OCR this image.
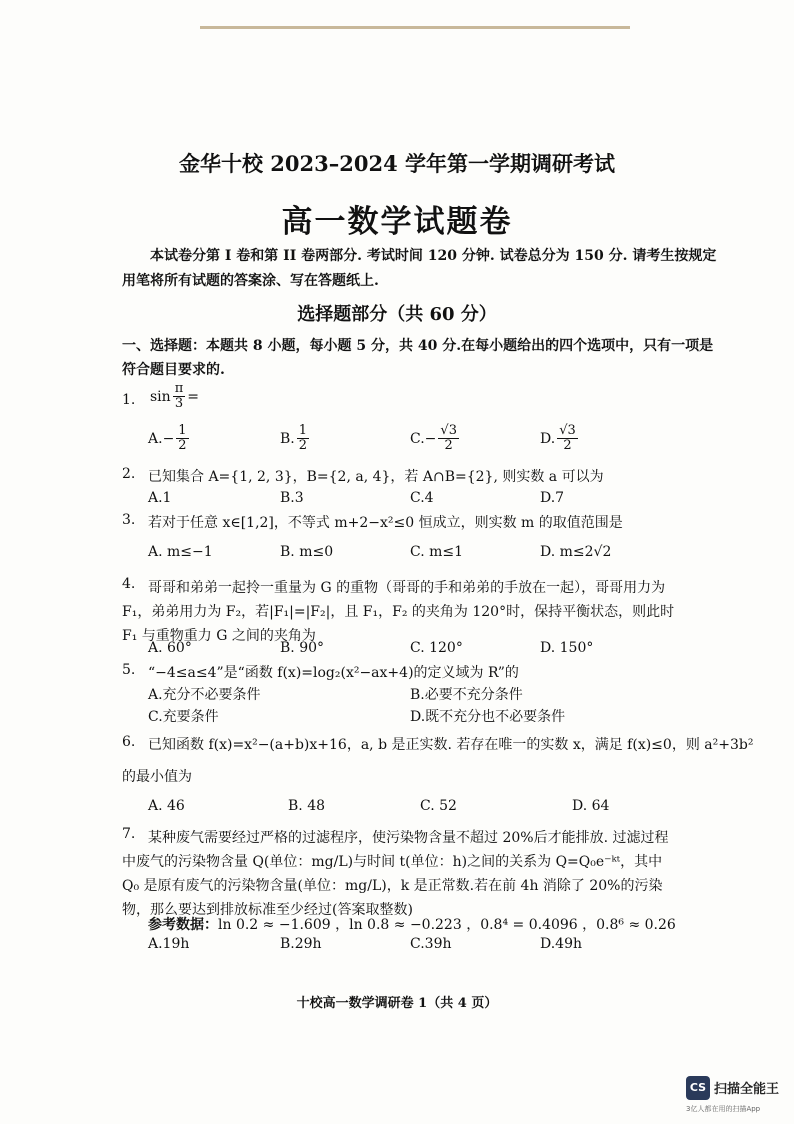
金华十校 2023–2024 学年第一学期调研考试
高一数学试题卷
本试卷分第 I 卷和第 II 卷两部分. 考试时间 120 分钟. 试卷总分为 150 分. 请考生按规定用笔将所有试题的答案涂、写在答题纸上.
选择题部分（共 60 分）
一、选择题：本题共 8 小题，每小题 5 分，共 40 分.在每小题给出的四个选项中，只有一项是符合题目要求的.
1. $\sin \frac{\pi}{3}$ =
$A.- \frac{1}{2}$	B. $\frac{1}{2}$	$C.- \frac{√3}{2}$	D. $\frac{√3}{2}$
2. 已知集合 A={1, 2, 3}，B={2, a, 4}，若 A∩B={2}, 则实数 a 可以为
A.1	B.3	C.4	D.7
3. 若对于任意 x∈[1,2]，不等式 m+2−x²≤0 恒成立，则实数 m 的取值范围是
A. m≤−1	B. m≤0	C. m≤1	D. m≤2√2
4. 哥哥和弟弟一起拎一重量为 G 的重物（哥哥的手和弟弟的手放在一起），哥哥用力为 F₁，弟弟用力为 F₂，若|F₁|=|F₂|，且 F₁，F₂ 的夹角为 120°时，保持平衡状态，则此时 F₁ 与重物重力 G 之间的夹角为
A. 60°	B. 90°	C. 120°	D. 150°
5. “−4≤a≤4”是“函数 f(x)=log₂(x²−ax+4)的定义域为 R”的
A.充分不必要条件	B.必要不充分条件
C.充要条件	D.既不充分也不必要条件
6. 已知函数 f(x)=x²−(a+b)x+16，a, b 是正实数. 若存在唯一的实数 x，满足 f(x)≤0，则 a²+3b²
的最小值为
A. 46	B. 48	C. 52	D. 64
7. 某种废气需要经过严格的过滤程序，使污染物含量不超过 20%后才能排放. 过滤过程中废气的污染物含量 Q(单位：mg/L)与时间 t(单位：h)之间的关系为 Q=Q₀e⁻ᵏᵗ，其中 Q₀ 是原有废气的污染物含量(单位：mg/L)，k 是正常数.若在前 4h 消除了 20%的污染物，那么要达到排放标准至少经过(答案取整数)
参考数据：ln 0.2 ≈ −1.609 ，ln 0.8 ≈ −0.223 ，0.8⁴ = 0.4096 ，0.8⁶ ≈ 0.26
A.19h	B.29h	C.39h	D.49h
十校高一数学调研卷 1（共 4 页）
CS 扫描全能王
3亿人都在用的扫描App
